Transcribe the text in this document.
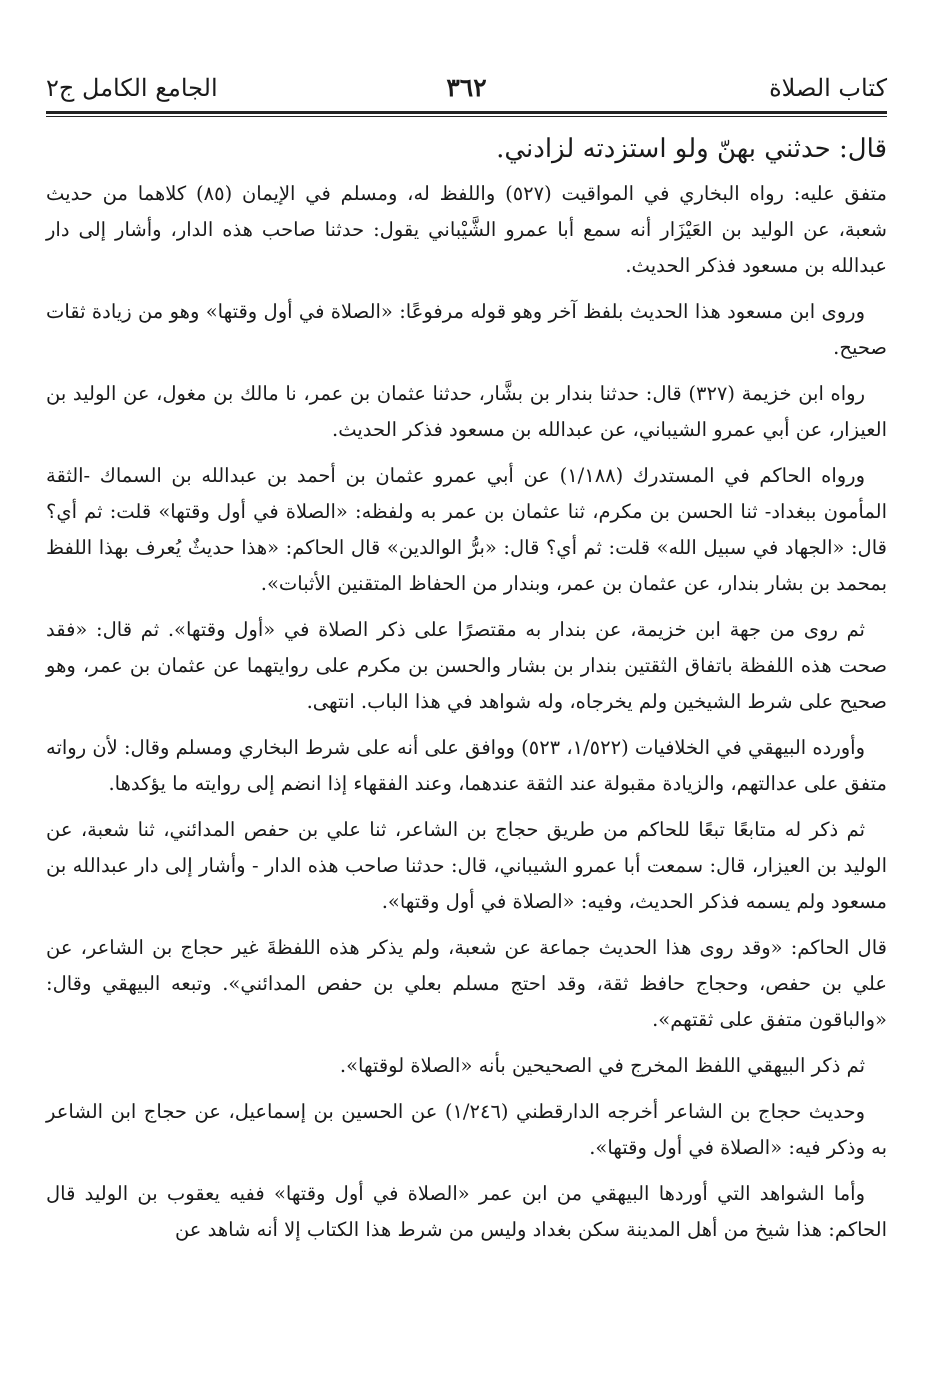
كتاب الصلاة
٣٦٢
الجامع الكامل ج٢

قال: حدثني بهنّ ولو استزدته لزادني.

متفق عليه: رواه البخاري في المواقيت (٥٢٧) واللفظ له، ومسلم في الإيمان (٨٥) كلاهما من حديث شعبة، عن الوليد بن العَيْزَار أنه سمع أبا عمرو الشَّيْباني يقول: حدثنا صاحب هذه الدار، وأشار إلى دار عبدالله بن مسعود فذكر الحديث.

وروى ابن مسعود هذا الحديث بلفظ آخر وهو قوله مرفوعًا: «الصلاة في أول وقتها» وهو من زيادة ثقات صحيح.

رواه ابن خزيمة (٣٢٧) قال: حدثنا بندار بن بشَّار، حدثنا عثمان بن عمر، نا مالك بن مغول، عن الوليد بن العيزار، عن أبي عمرو الشيباني، عن عبدالله بن مسعود فذكر الحديث.

ورواه الحاكم في المستدرك (١/١٨٨) عن أبي عمرو عثمان بن أحمد بن عبدالله بن السماك -الثقة المأمون ببغداد- ثنا الحسن بن مكرم، ثنا عثمان بن عمر به ولفظه: «الصلاة في أول وقتها» قلت: ثم أي؟ قال: «الجهاد في سبيل الله» قلت: ثم أي؟ قال: «برُّ الوالدين» قال الحاكم: «هذا حديثٌ يُعرف بهذا اللفظ بمحمد بن بشار بندار، عن عثمان بن عمر، وبندار من الحفاظ المتقنين الأثبات».

ثم روى من جهة ابن خزيمة، عن بندار به مقتصرًا على ذكر الصلاة في «أول وقتها». ثم قال: «فقد صحت هذه اللفظة باتفاق الثقتين بندار بن بشار والحسن بن مكرم على روايتهما عن عثمان بن عمر، وهو صحيح على شرط الشيخين ولم يخرجاه، وله شواهد في هذا الباب. انتهى.

وأورده البيهقي في الخلافيات (١/٥٢٢، ٥٢٣) ووافق على أنه على شرط البخاري ومسلم وقال: لأن رواته متفق على عدالتهم، والزيادة مقبولة عند الثقة عندهما، وعند الفقهاء إذا انضم إلى روايته ما يؤكدها.

ثم ذكر له متابعًا تبعًا للحاكم من طريق حجاج بن الشاعر، ثنا علي بن حفص المدائني، ثنا شعبة، عن الوليد بن العيزار، قال: سمعت أبا عمرو الشيباني، قال: حدثنا صاحب هذه الدار - وأشار إلى دار عبدالله بن مسعود ولم يسمه فذكر الحديث، وفيه: «الصلاة في أول وقتها».

قال الحاكم: «وقد روى هذا الحديث جماعة عن شعبة، ولم يذكر هذه اللفظةَ غير حجاج بن الشاعر، عن علي بن حفص، وحجاج حافظ ثقة، وقد احتج مسلم بعلي بن حفص المدائني». وتبعه البيهقي وقال: «والباقون متفق على ثقتهم».

ثم ذكر البيهقي اللفظ المخرج في الصحيحين بأنه «الصلاة لوقتها».

وحديث حجاج بن الشاعر أخرجه الدارقطني (١/٢٤٦) عن الحسين بن إسماعيل، عن حجاج ابن الشاعر به وذكر فيه: «الصلاة في أول وقتها».

وأما الشواهد التي أوردها البيهقي من ابن عمر «الصلاة في أول وقتها» ففيه يعقوب بن الوليد قال الحاكم: هذا شيخ من أهل المدينة سكن بغداد وليس من شرط هذا الكتاب إلا أنه شاهد عن
